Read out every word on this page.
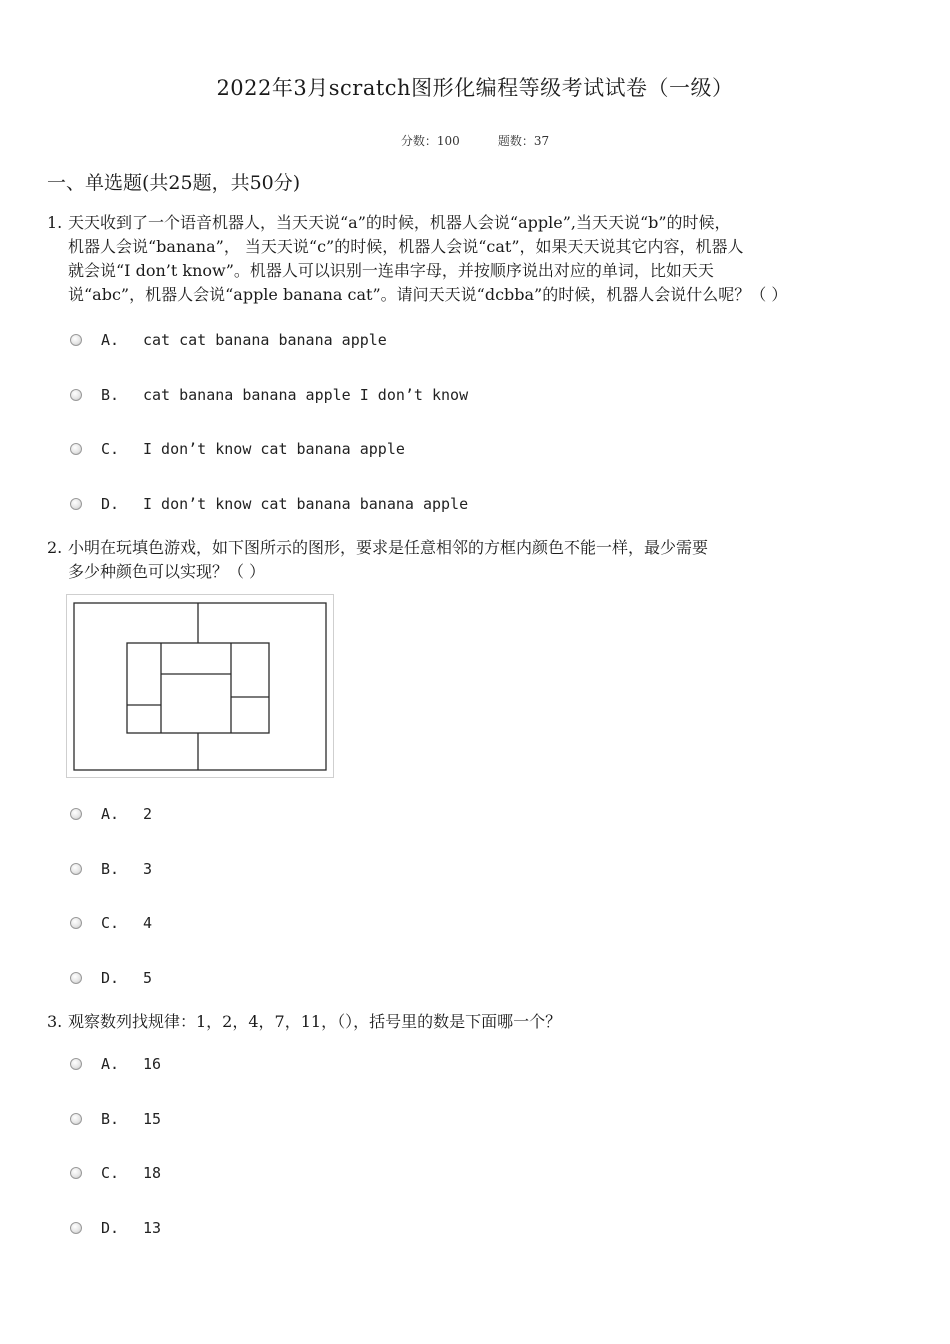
2022年3月scratch图形化编程等级考试试卷（一级）
分数：100	题数：37
一、单选题(共25题，共50分)
1. 天天收到了一个语音机器人，当天天说“a”的时候，机器人会说“apple”,当天天说“b”的时候，
机器人会说“banana”， 当天天说“c”的时候，机器人会说“cat”，如果天天说其它内容，机器人
就会说“I don’t know”。机器人可以识别一连串字母，并按顺序说出对应的单词，比如天天
说“abc”，机器人会说“apple banana cat”。请问天天说“dcbba”的时候，机器人会说什么呢？（ ）
A.	cat cat banana banana apple
B.	cat banana banana apple I don’t know
C.	I don’t know cat banana apple
D.	I don’t know cat banana banana apple
2. 小明在玩填色游戏，如下图所示的图形，要求是任意相邻的方框内颜色不能一样，最少需要
多少种颜色可以实现？（ ）
A.	2
B.	3
C.	4
D.	5
3. 观察数列找规律：1，2，4，7，11，（），括号里的数是下面哪一个？
A.	16
B.	15
C.	18
D.	13
